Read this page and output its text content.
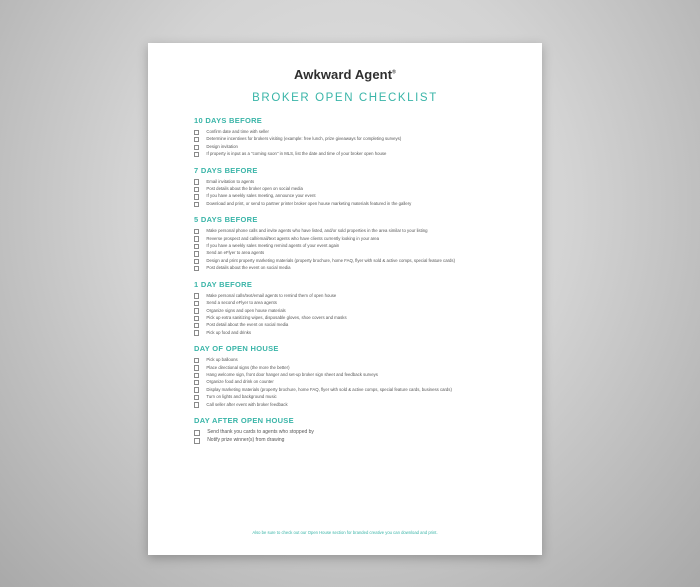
Awkward Agent®
BROKER OPEN CHECKLIST
10 DAYS BEFORE
Confirm date and time with seller
Determine incentives for brokers visiting (example: free lunch, prize giveaways for completing surveys)
Design invitation
If property is input as a "coming soon" in MLS, list the date and time of your broker open house
7 DAYS BEFORE
Email invitation to agents
Post details about the broker open on social media
If you have a weekly sales meeting, announce your event
Download and print, or send to partner printer broker open house marketing materials featured in the gallery
5 DAYS BEFORE
Make personal phone calls and invite agents who have listed, and/or sold properties in the area similar to your listing
Reverse prospect and call/email/text agents who have clients currently looking in your area
If you have a weekly sales meeting remind agents of your event again
Send an eFlyer to area agents
Design and print property marketing materials (property brochure, home FAQ, flyer with sold & active comps, special feature cards)
Post details about the event on social media
1 DAY BEFORE
Make personal calls/text/email agents to remind them of open house
Send a second eFlyer to area agents
Organize signs and open house materials
Pick up extra sanitizing wipes, disposable gloves, shoe covers and masks
Post detail about the event on social media
Pick up food and drinks
DAY OF OPEN HOUSE
Pick up balloons
Place directional signs (the more the better)
Hang welcome sign, front door hanger and set-up broker sign sheet and feedback surveys
Organize food and drink on counter
Display marketing materials (property brochure, home FAQ, flyer with sold & active comps, special feature cards, business cards)
Turn on lights and background music
Call seller after event with broker feedback
DAY AFTER OPEN HOUSE
Send thank you cards to agents who stopped by
Notify prize winner(s) from drawing
Also be sure to check out our Open House section for branded creative you can download and print.
